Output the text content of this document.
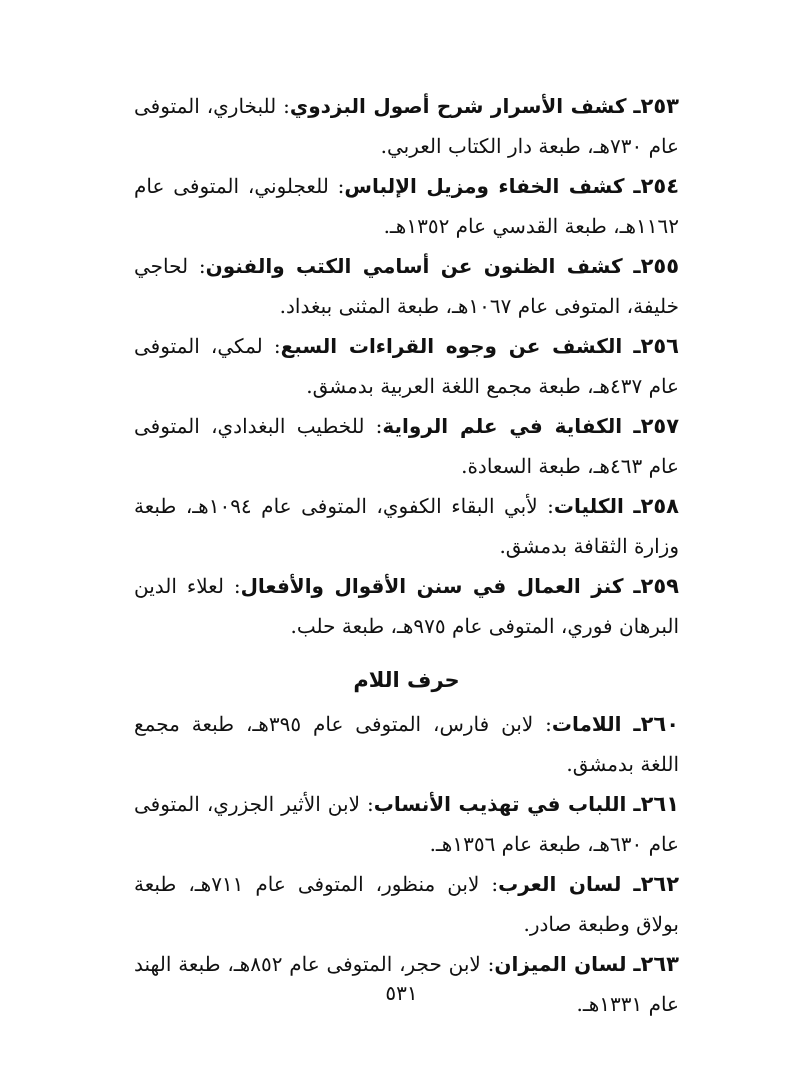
٢٥٣ـ كشف الأسرار شرح أصول البزدوي: للبخاري، المتوفى عام ٧٣٠هـ، طبعة دار الكتاب العربي.

٢٥٤ـ كشف الخفاء ومزيل الإلباس: للعجلوني، المتوفى عام ١١٦٢هـ، طبعة القدسي عام ١٣٥٢هـ.

٢٥٥ـ كشف الظنون عن أسامي الكتب والفنون: لحاجي خليفة، المتوفى عام ١٠٦٧هـ، طبعة المثنى ببغداد.

٢٥٦ـ الكشف عن وجوه القراءات السبع: لمكي، المتوفى عام ٤٣٧هـ، طبعة مجمع اللغة العربية بدمشق.

٢٥٧ـ الكفاية في علم الرواية: للخطيب البغدادي، المتوفى عام ٤٦٣هـ، طبعة السعادة.

٢٥٨ـ الكليات: لأبي البقاء الكفوي، المتوفى عام ١٠٩٤هـ، طبعة وزارة الثقافة بدمشق.

٢٥٩ـ كنز العمال في سنن الأقوال والأفعال: لعلاء الدين البرهان فوري، المتوفى عام ٩٧٥هـ، طبعة حلب.

حرف اللام

٢٦٠ـ اللامات: لابن فارس، المتوفى عام ٣٩٥هـ، طبعة مجمع اللغة بدمشق.

٢٦١ـ اللباب في تهذيب الأنساب: لابن الأثير الجزري، المتوفى عام ٦٣٠هـ، طبعة عام ١٣٥٦هـ.

٢٦٢ـ لسان العرب: لابن منظور، المتوفى عام ٧١١هـ، طبعة بولاق وطبعة صادر.

٢٦٣ـ لسان الميزان: لابن حجر، المتوفى عام ٨٥٢هـ، طبعة الهند عام ١٣٣١هـ.

٥٣١
